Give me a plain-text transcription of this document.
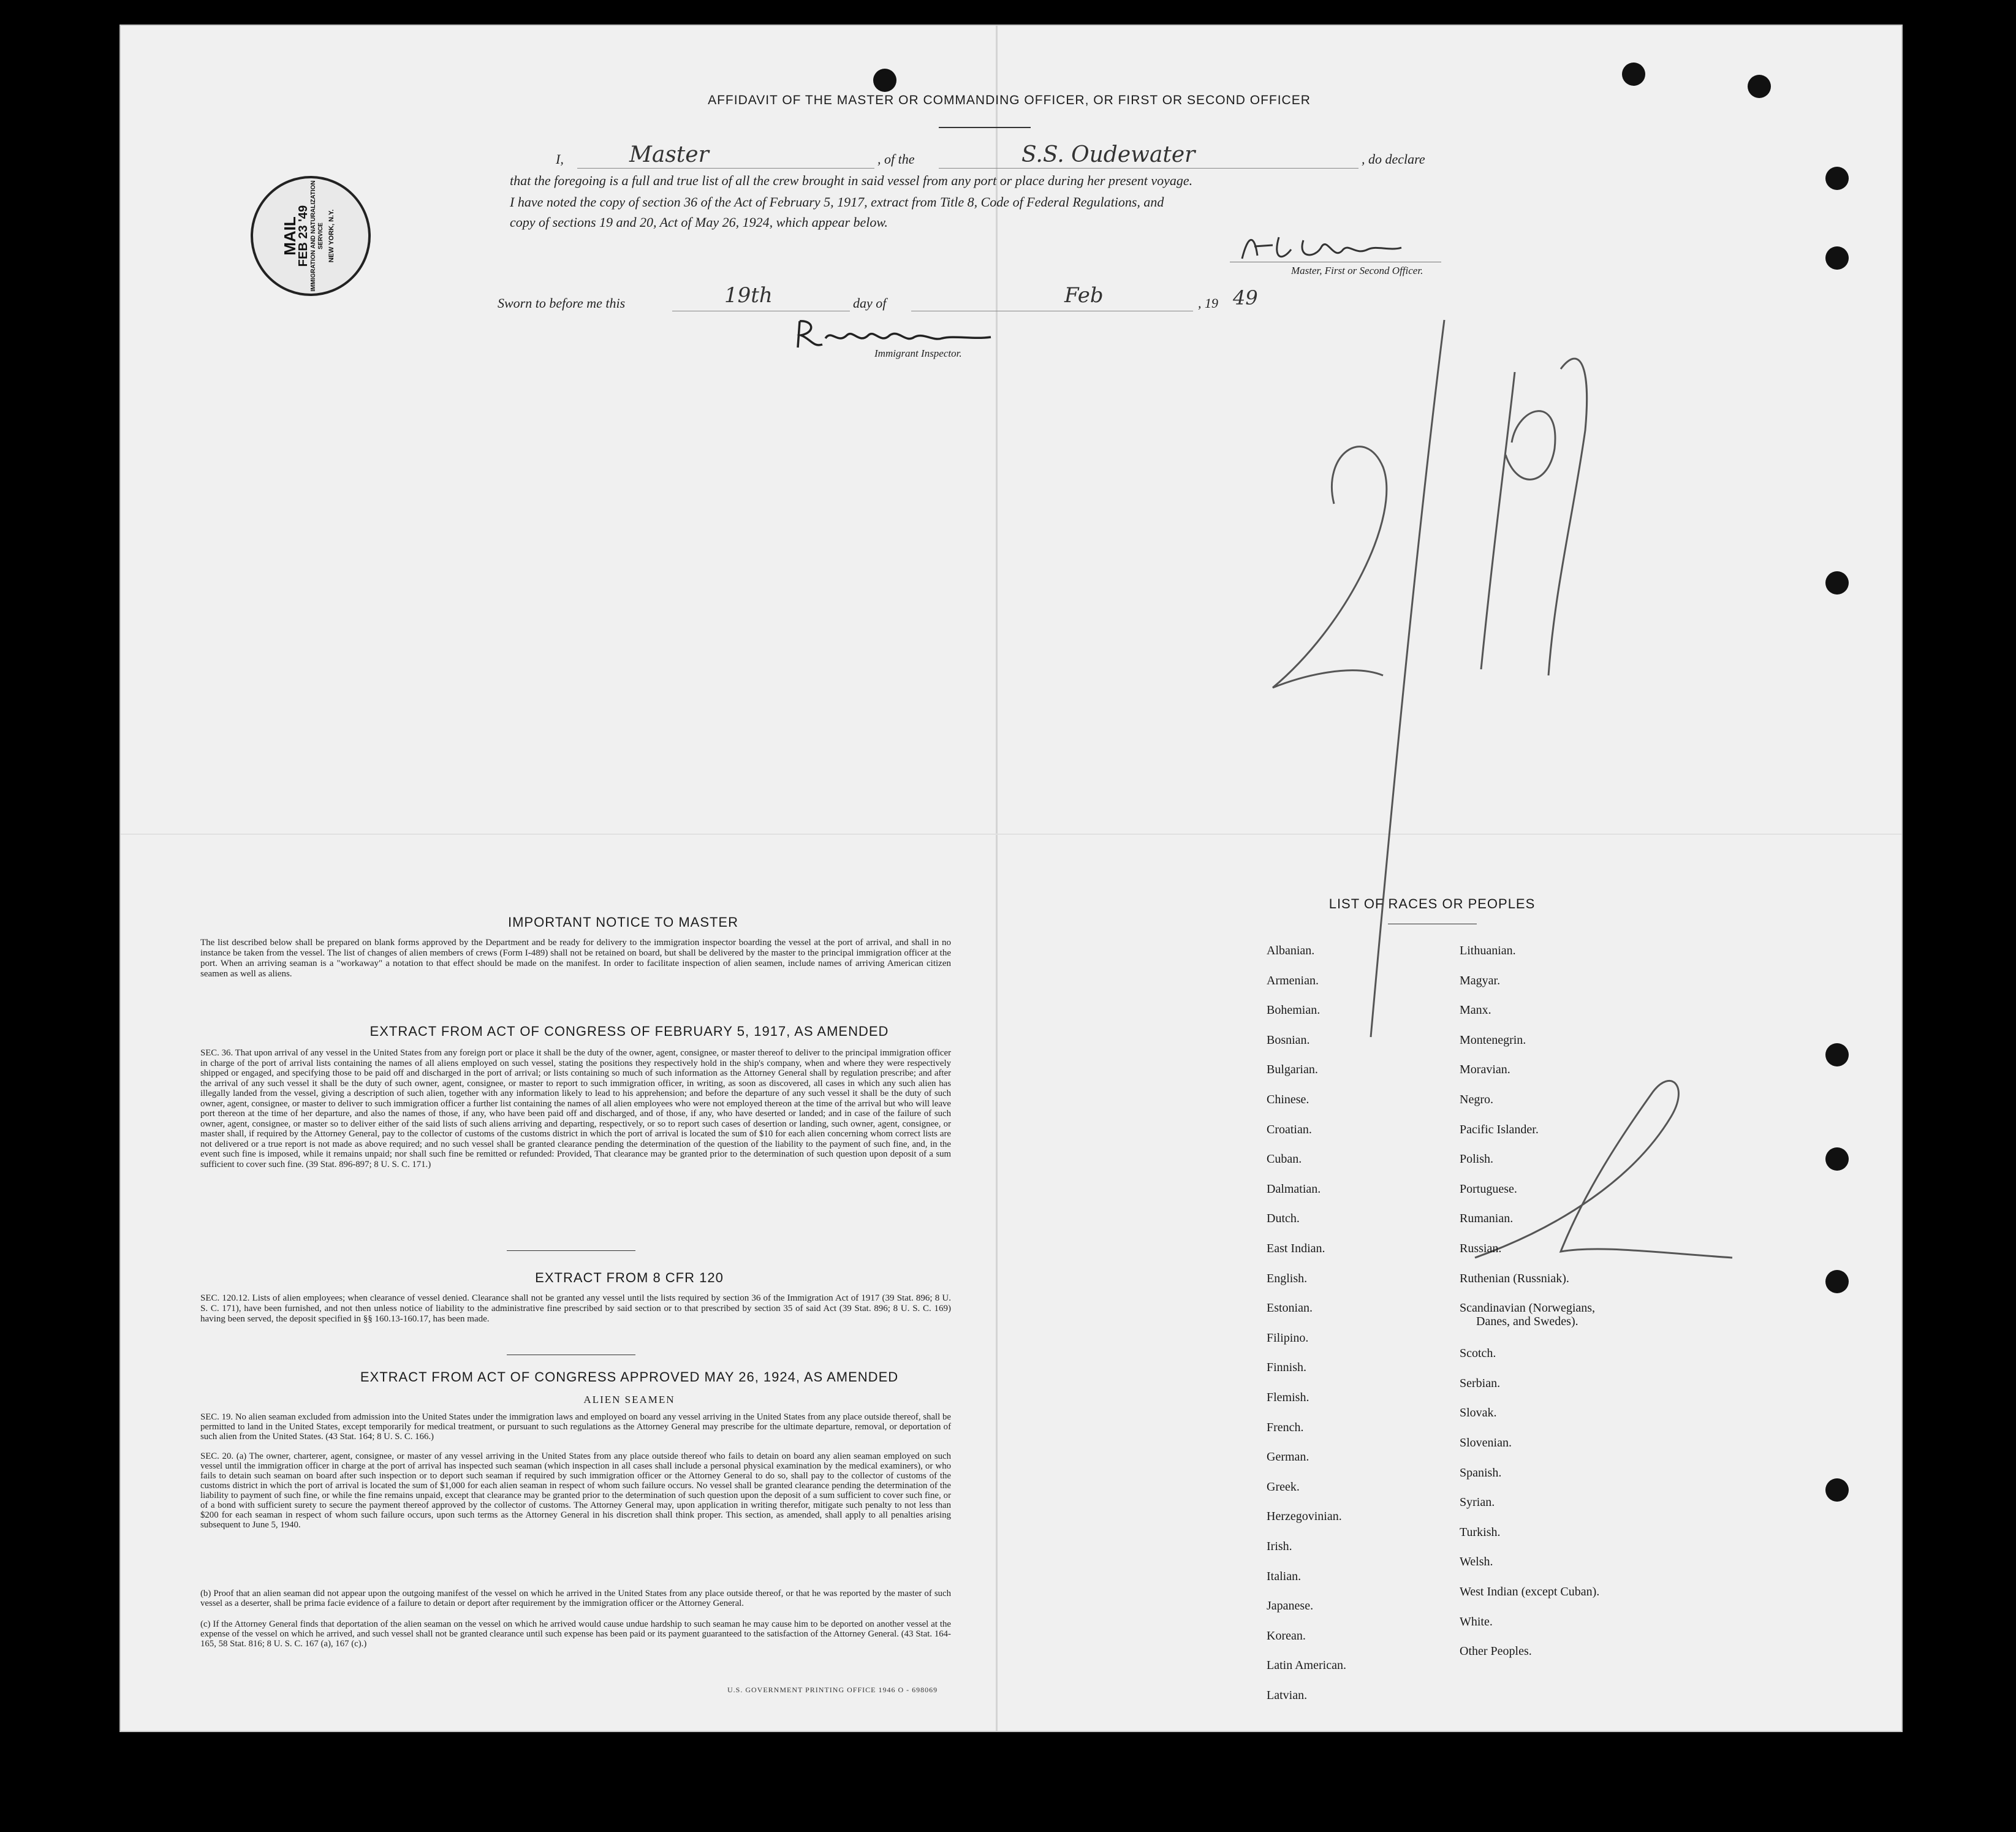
AFFIDAVIT OF THE MASTER OR COMMANDING OFFICER, OR FIRST OR SECOND OFFICER
I,	Master	, of the	S.S. Oudewater	, do declare
that the foregoing is a full and true list of all the crew brought in said vessel from any port or place during her present voyage.
I have noted the copy of section 36 of the Act of February 5, 1917, extract from Title 8, Code of Federal Regulations, and
copy of sections 19 and 20, Act of May 26, 1924, which appear below.
Master, First or Second Officer.
Sworn to before me this	19th	day of	Feb	, 19 49
Immigrant Inspector.
MAIL
FEB 23 '49 IMMIGRATION AND NATURALIZATION SERVICE NEW YORK, N.Y.
IMPORTANT NOTICE TO MASTER
The list described below shall be prepared on blank forms approved by the Department and be ready for delivery to the immigration inspector boarding the vessel at the port of arrival, and shall in no instance be taken from the vessel. The list of changes of alien members of crews (Form I-489) shall not be retained on board, but shall be delivered by the master to the principal immigration officer at the port. When an arriving seaman is a "workaway" a notation to that effect should be made on the manifest. In order to facilitate inspection of alien seamen, include names of arriving American citizen seamen as well as aliens.
EXTRACT FROM ACT OF CONGRESS OF FEBRUARY 5, 1917, AS AMENDED
SEC. 36. That upon arrival of any vessel in the United States from any foreign port or place it shall be the duty of the owner, agent, consignee, or master thereof to deliver to the principal immigration officer in charge of the port of arrival lists containing the names of all aliens employed on such vessel, stating the positions they respectively hold in the ship's company, when and where they were respectively shipped or engaged, and specifying those to be paid off and discharged in the port of arrival; or lists containing so much of such information as the Attorney General shall by regulation prescribe; and after the arrival of any such vessel it shall be the duty of such owner, agent, consignee, or master to report to such immigration officer, in writing, as soon as discovered, all cases in which any such alien has illegally landed from the vessel, giving a description of such alien, together with any information likely to lead to his apprehension; and before the departure of any such vessel it shall be the duty of such owner, agent, consignee, or master to deliver to such immigration officer a further list containing the names of all alien employees who were not employed thereon at the time of the arrival but who will leave port thereon at the time of her departure, and also the names of those, if any, who have been paid off and discharged, and of those, if any, who have deserted or landed; and in case of the failure of such owner, agent, consignee, or master so to deliver either of the said lists of such aliens arriving and departing, respectively, or so to report such cases of desertion or landing, such owner, agent, consignee, or master shall, if required by the Attorney General, pay to the collector of customs of the customs district in which the port of arrival is located the sum of $10 for each alien concerning whom correct lists are not delivered or a true report is not made as above required; and no such vessel shall be granted clearance pending the determination of the question of the liability to the payment of such fine, and, in the event such fine is imposed, while it remains unpaid; nor shall such fine be remitted or refunded: Provided, That clearance may be granted prior to the determination of such question upon deposit of a sum sufficient to cover such fine. (39 Stat. 896-897; 8 U. S. C. 171.)
EXTRACT FROM 8 CFR 120
SEC. 120.12. Lists of alien employees; when clearance of vessel denied. Clearance shall not be granted any vessel until the lists required by section 36 of the Immigration Act of 1917 (39 Stat. 896; 8 U. S. C. 171), have been furnished, and not then unless notice of liability to the administrative fine prescribed by said section or to that prescribed by section 35 of said Act (39 Stat. 896; 8 U. S. C. 169) having been served, the deposit specified in §§ 160.13-160.17, has been made.
EXTRACT FROM ACT OF CONGRESS APPROVED MAY 26, 1924, AS AMENDED
ALIEN SEAMEN
SEC. 19. No alien seaman excluded from admission into the United States under the immigration laws and employed on board any vessel arriving in the United States from any place outside thereof, shall be permitted to land in the United States, except temporarily for medical treatment, or pursuant to such regulations as the Attorney General may prescribe for the ultimate departure, removal, or deportation of such alien from the United States. (43 Stat. 164; 8 U. S. C. 166.)
SEC. 20. (a) The owner, charterer, agent, consignee, or master of any vessel arriving in the United States from any place outside thereof who fails to detain on board any alien seaman employed on such vessel until the immigration officer in charge at the port of arrival has inspected such seaman (which inspection in all cases shall include a personal physical examination by the medical examiners), or who fails to detain such seaman on board after such inspection or to deport such seaman if required by such immigration officer or the Attorney General to do so, shall pay to the collector of customs of the customs district in which the port of arrival is located the sum of $1,000 for each alien seaman in respect of whom such failure occurs. No vessel shall be granted clearance pending the determination of the liability to payment of such fine, or while the fine remains unpaid, except that clearance may be granted prior to the determination of such question upon the deposit of a sum sufficient to cover such fine, or of a bond with sufficient surety to secure the payment thereof approved by the collector of customs. The Attorney General may, upon application in writing therefor, mitigate such penalty to not less than $200 for each seaman in respect of whom such failure occurs, upon such terms as the Attorney General in his discretion shall think proper. This section, as amended, shall apply to all penalties arising subsequent to June 5, 1940.
(b) Proof that an alien seaman did not appear upon the outgoing manifest of the vessel on which he arrived in the United States from any place outside thereof, or that he was reported by the master of such vessel as a deserter, shall be prima facie evidence of a failure to detain or deport after requirement by the immigration officer or the Attorney General.
(c) If the Attorney General finds that deportation of the alien seaman on the vessel on which he arrived would cause undue hardship to such seaman he may cause him to be deported on another vessel at the expense of the vessel on which he arrived, and such vessel shall not be granted clearance until such expense has been paid or its payment guaranteed to the satisfaction of the Attorney General. (43 Stat. 164-165, 58 Stat. 816; 8 U. S. C. 167 (a), 167 (c).)
U.S. GOVERNMENT PRINTING OFFICE 1946 O - 698069
LIST OF RACES OR PEOPLES
Albanian.
Armenian.
Bohemian.
Bosnian.
Bulgarian.
Chinese.
Croatian.
Cuban.
Dalmatian.
Dutch.
East Indian.
English.
Estonian.
Filipino.
Finnish.
Flemish.
French.
German.
Greek.
Herzegovinian.
Irish.
Italian.
Japanese.
Korean.
Latin American.
Latvian.
Lithuanian.
Magyar.
Manx.
Montenegrin.
Moravian.
Negro.
Pacific Islander.
Polish.
Portuguese.
Rumanian.
Russian.
Ruthenian (Russniak).
Scandinavian (Norwegians,
Danes, and Swedes).
Scotch.
Serbian.
Slovak.
Slovenian.
Spanish.
Syrian.
Turkish.
Welsh.
West Indian (except Cuban).
White.
Other Peoples.
